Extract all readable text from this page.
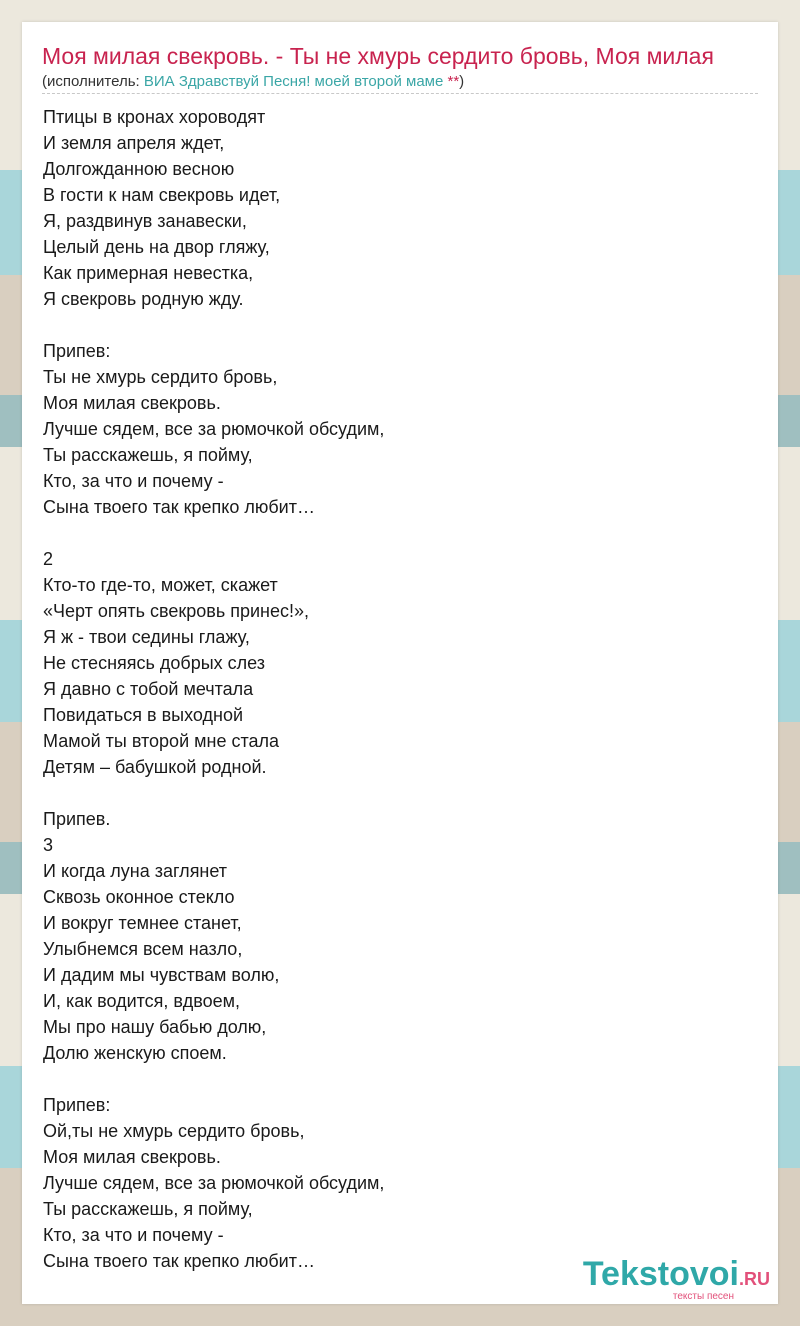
Моя милая свекровь. - Ты не хмурь сердито бровь, Моя милая
(исполнитель: ВИА Здравствуй Песня! моей второй маме **)
Птицы в кронах хороводят
И земля апреля ждет,
Долгожданною весною
В гости к нам свекровь идет,
Я, раздвинув занавески,
Целый день на двор гляжу,
Как примерная невестка,
Я свекровь родную жду.
Припев:
Ты не хмурь сердито бровь,
Моя милая свекровь.
Лучше сядем, все за рюмочкой обсудим,
Ты расскажешь, я пойму,
Кто, за что и почему -
Сына твоего так крепко любит…
2
Кто-то где-то, может, скажет
«Черт опять свекровь принес!»,
Я ж - твои седины глажу,
Не стесняясь добрых слез
Я давно с тобой мечтала
Повидаться в выходной
Мамой ты второй мне стала
Детям – бабушкой родной.
Припев.
3
И когда луна заглянет
Сквозь оконное стекло
И вокруг темнее станет,
Улыбнемся всем назло,
И дадим мы чувствам волю,
И, как водится, вдвоем,
Мы про нашу бабью долю,
Долю женскую споем.
Припев:
Ой,ты не хмурь сердито бровь,
Моя милая свекровь.
Лучше сядем, все за рюмочкой обсудим,
Ты расскажешь, я пойму,
Кто, за что и почему -
Сына твоего так крепко любит…	Tekstovoi.RU
тексты песен
